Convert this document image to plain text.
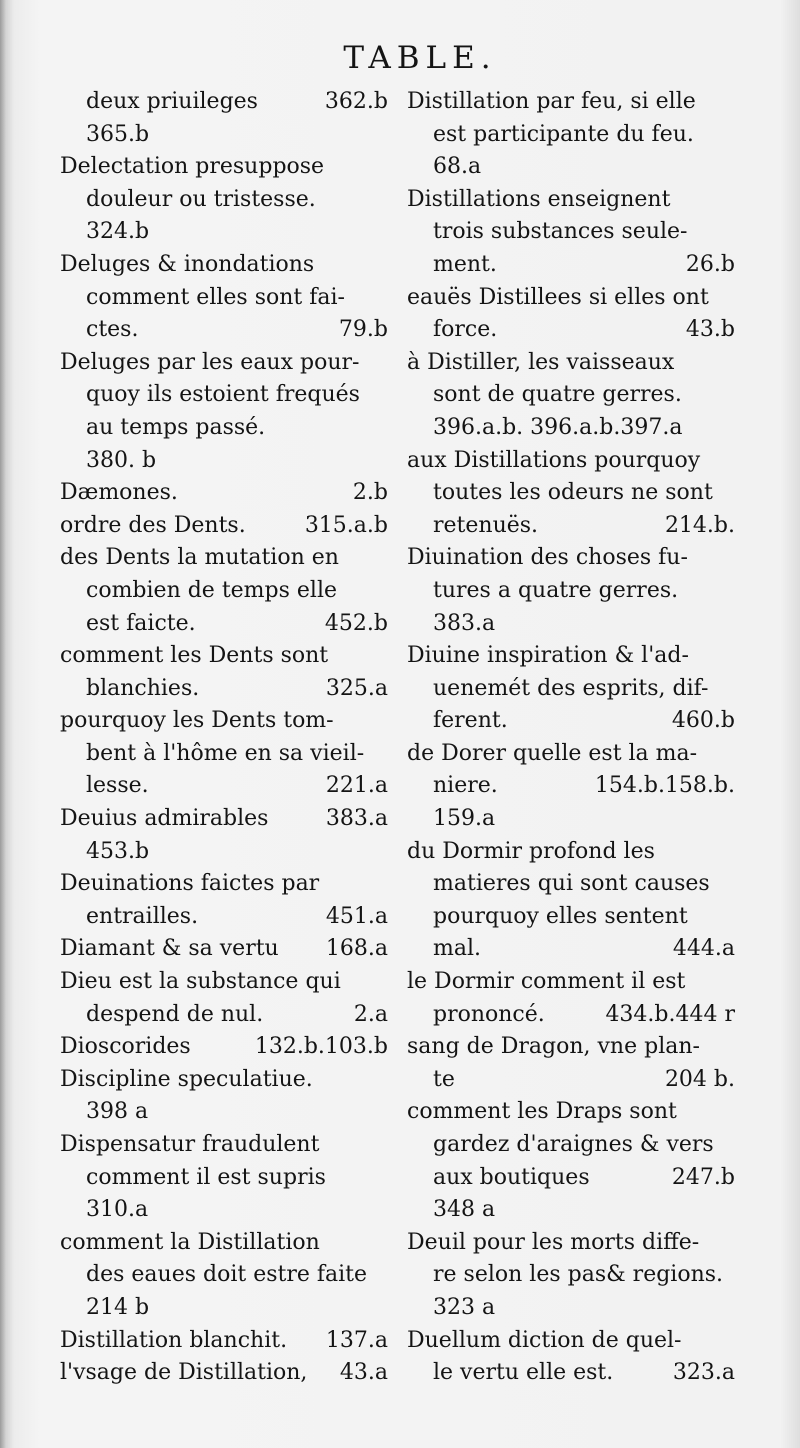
TABLE.
362.b
deux priuileges
365.b
Delectation presuppose
douleur ou tristesse.
324.b
Deluges & inondations
comment elles sont fai-
79.b
ctes.
Deluges par les eaux pour-
quoy ils estoient frequés
au temps passé.
380. b
2.b
Dæmones.
315.a.b
ordre des Dents.
des Dents la mutation en
combien de temps elle
452.b
est faicte.
comment les Dents sont
325.a
blanchies.
pourquoy les Dents tom-
bent à l'hôme en sa vieil-
221.a
lesse.
383.a
Deuius admirables
453.b
Deuinations faictes par
451.a
entrailles.
168.a
Diamant & sa vertu
Dieu est la substance qui
2.a
despend de nul.
132.b.103.b
Dioscorides
Discipline speculatiue.
398 a
Dispensatur fraudulent
comment il est supris
310.a
comment la Distillation
des eaues doit estre faite
214 b
137.a
Distillation blanchit.
43.a
l'vsage de Distillation,
Distillation par feu, si elle
est participante du feu.
68.a
Distillations enseignent
trois substances seule-
26.b
ment.
eauës Distillees si elles ont
43.b
force.
à Distiller, les vaisseaux
sont de quatre gerres.
396.a.b. 396.a.b.397.a
aux Distillations pourquoy
toutes les odeurs ne sont
214.b.
retenuës.
Diuination des choses fu-
tures a quatre gerres.
383.a
Diuine inspiration & l'ad-
uenemét des esprits, dif-
460.b
ferent.
de Dorer quelle est la ma-
154.b.158.b.
niere.
159.a
du Dormir profond les
matieres qui sont causes
pourquoy elles sentent
444.a
mal.
le Dormir comment il est
434.b.444 r
prononcé.
sang de Dragon, vne plan-
204 b.
te
comment les Draps sont
gardez d'araignes & vers
247.b
aux boutiques
348 a
Deuil pour les morts diffe-
re selon les pas& regions.
323 a
Duellum diction de quel-
323.a
le vertu elle est.
